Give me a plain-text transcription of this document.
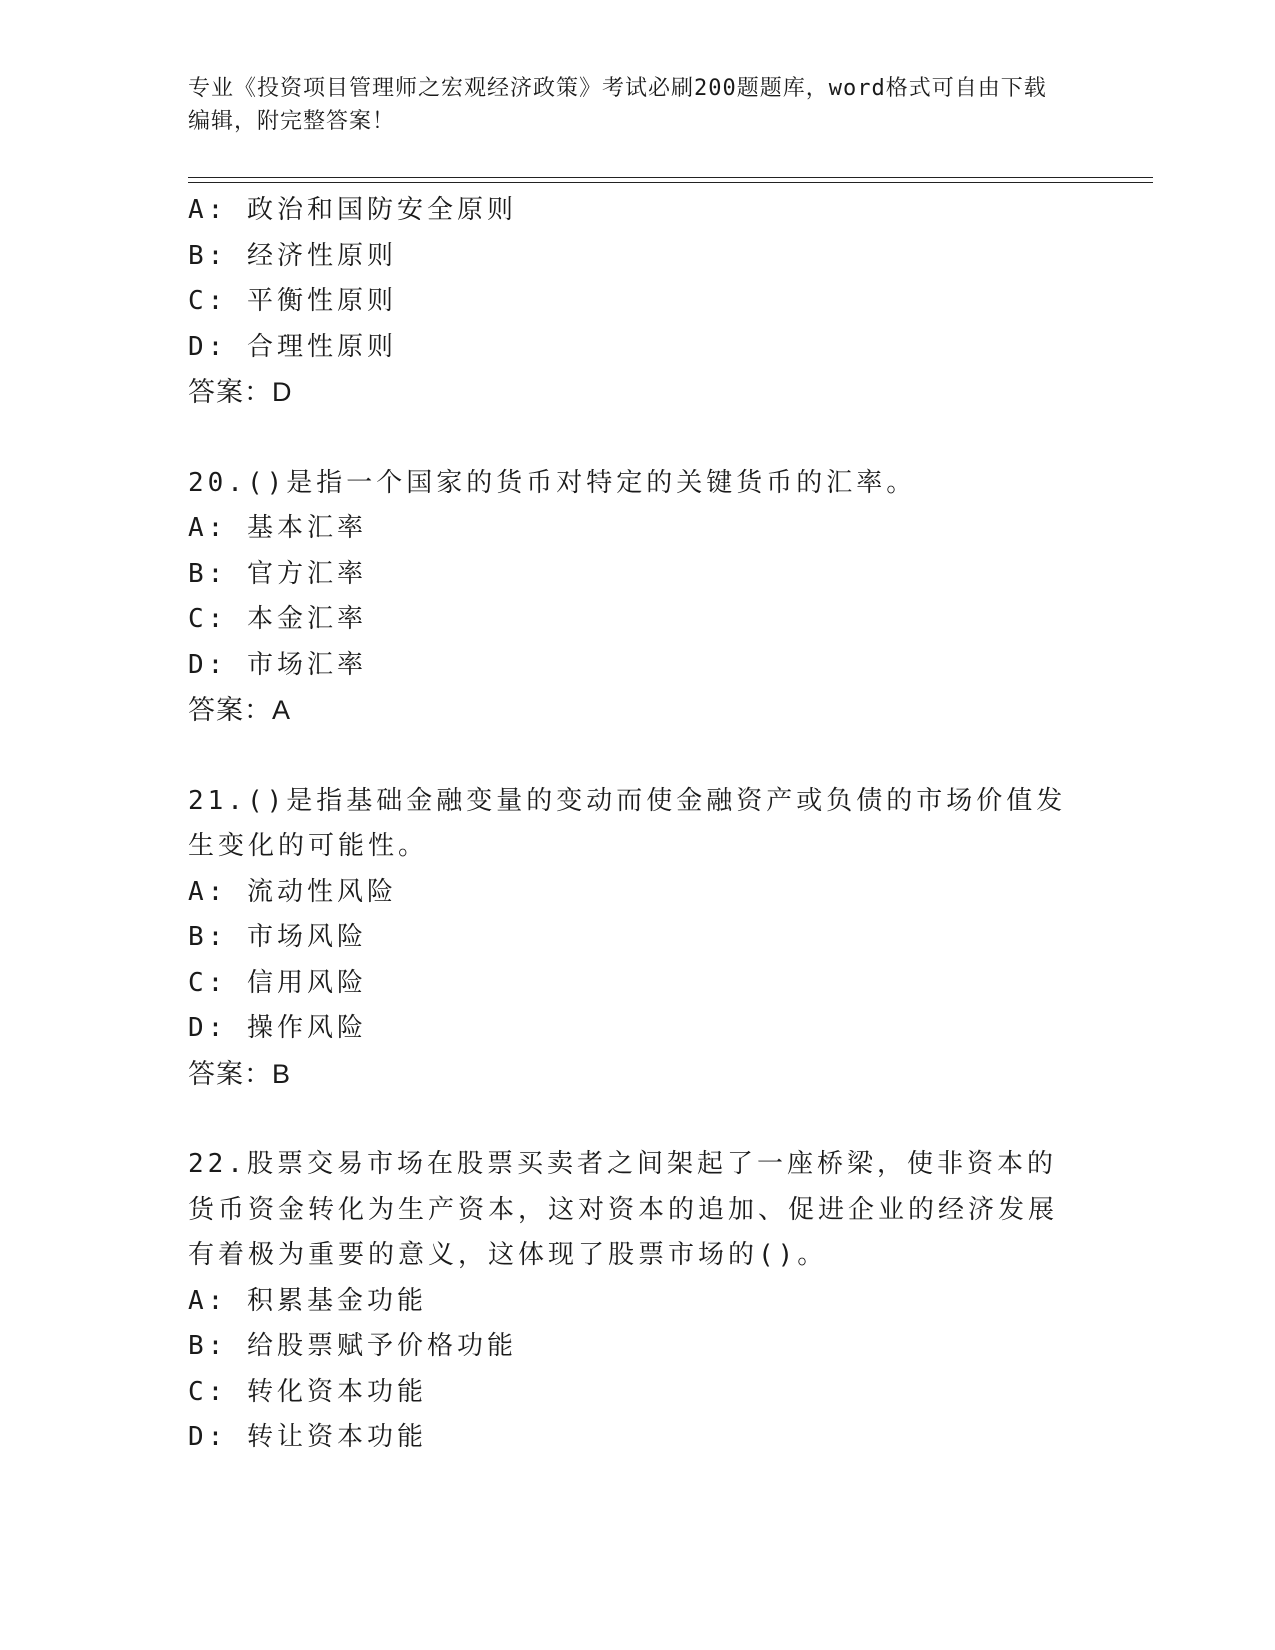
专业《投资项目管理师之宏观经济政策》考试必刷200题题库，word格式可自由下载编辑，附完整答案！
A: 政治和国防安全原则
B: 经济性原则
C: 平衡性原则
D: 合理性原则
答案：D
20.()是指一个国家的货币对特定的关键货币的汇率。
A: 基本汇率
B: 官方汇率
C: 本金汇率
D: 市场汇率
答案：A
21.()是指基础金融变量的变动而使金融资产或负债的市场价值发生变化的可能性。
A: 流动性风险
B: 市场风险
C: 信用风险
D: 操作风险
答案：B
22.股票交易市场在股票买卖者之间架起了一座桥梁，使非资本的货币资金转化为生产资本，这对资本的追加、促进企业的经济发展有着极为重要的意义，这体现了股票市场的()。
A: 积累基金功能
B: 给股票赋予价格功能
C: 转化资本功能
D: 转让资本功能
